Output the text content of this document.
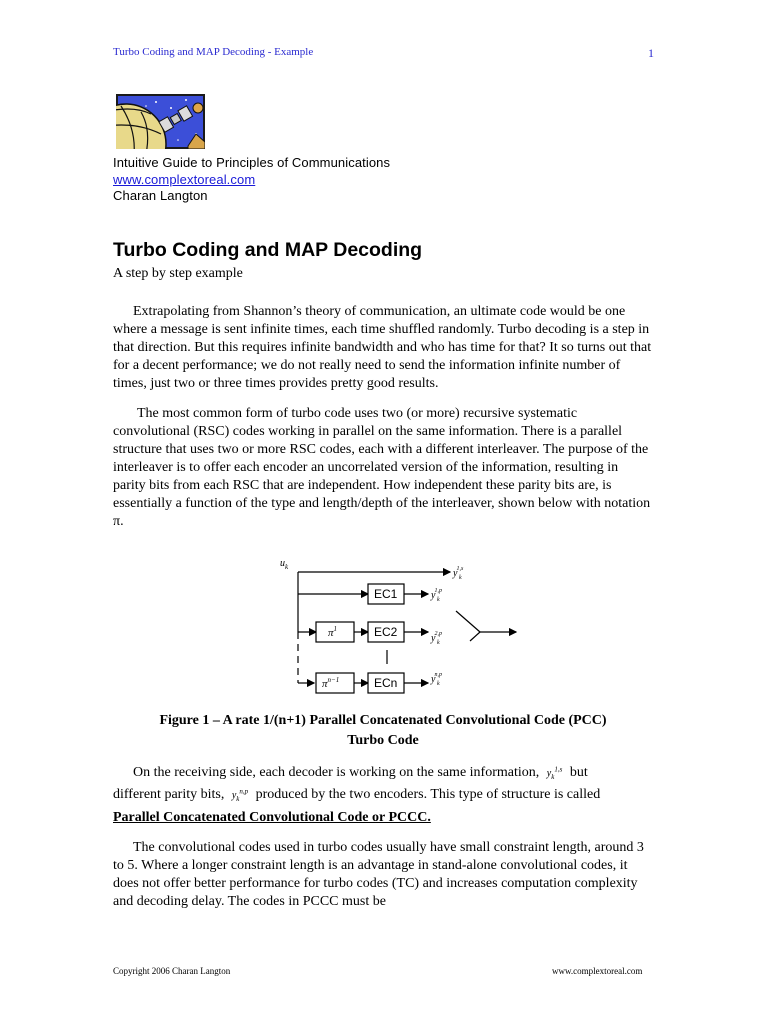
Turbo Coding and MAP Decoding - Example	1
Intuitive Guide to Principles of Communications
www.complextoreal.com
Charan Langton
Turbo Coding and MAP Decoding
A step by step example
Extrapolating from Shannon’s theory of communication, an ultimate code would be one where a message is sent infinite times, each time shuffled randomly. Turbo decoding is a step in that direction. But this requires infinite bandwidth and who has time for that? It so turns out that for a decent performance; we do not really need to send the information infinite number of times, just two or three times provides pretty good results.
The most common form of turbo code uses two (or more) recursive systematic convolutional (RSC) codes working in parallel on the same information. There is a parallel structure that uses two or more RSC codes, each with a different interleaver. The purpose of the interleaver is to offer each encoder an uncorrelated version of the information, resulting in parity bits from each RSC that are independent. How independent these parity bits are, is essentially a function of the type and length/depth of the interleaver, shown below with notation π.
EC1
EC2
ECn
$\pi^1$
$\pi^{n-1}$
$u_k$
y1,s
k
y1,p
k
y2,p
k
yn,p
k
Figure 1 – A rate 1/(n+1) Parallel Concatenated Convolutional Code (PCC)
Turbo Code
On the receiving side, each decoder is working on the same information, $y_k^{1,s}$ but
different parity bits, $y_k^{n,p}$ produced by the two encoders. This type of structure is called
Parallel Concatenated Convolutional Code or PCCC.
The convolutional codes used in turbo codes usually have small constraint length, around 3 to 5. Where a longer constraint length is an advantage in stand-alone convolutional codes, it does not offer better performance for turbo codes (TC) and increases computation complexity and decoding delay. The codes in PCCC must be
Copyright 2006 Charan Langton	www.complextoreal.com
